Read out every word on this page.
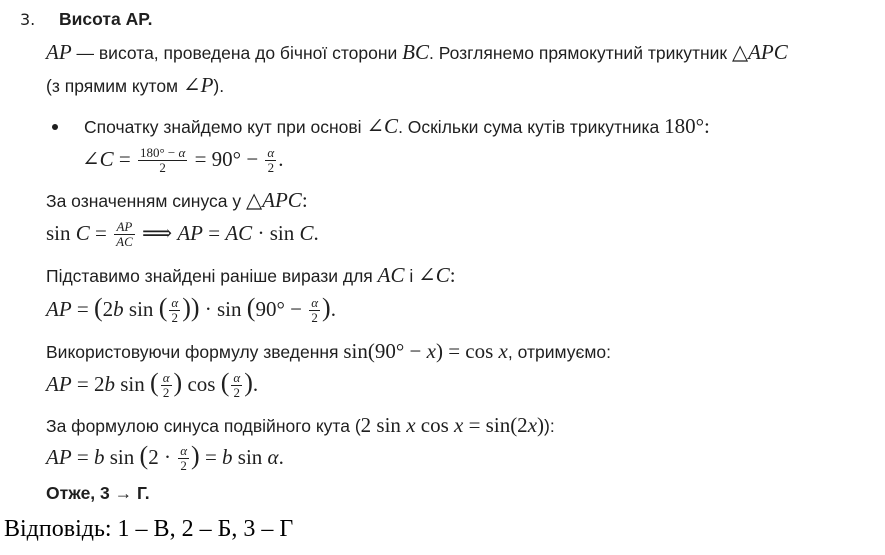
3. Висота AP.
AP — висота, проведена до бічної сторони BC. Розглянемо прямокутний трикутник △APC
(з прямим кутом ∠P).
Спочатку знайдемо кут при основі ∠C. Оскільки сума кутів трикутника 180°:
∠C = $\frac{180^\circ - \alpha}{2} = 90^\circ - \frac{\alpha}{2}$ .
За означенням синуса у △APC:
$\sin C = \frac{AP}{AC}$ ⟹ AP = AC · sin C.
Підставимо знайдені раніше вирази для AC і ∠C:
AP = (2b sin ( $\frac{\alpha}{2}$ )) · $\sin (90^\circ - \frac{\alpha}{2}$ ).
Використовуючи формулу зведення sin(90° − x) = cos x, отримуємо:
AP = 2b sin ( $\frac{\alpha}{2}$ ) cos ( $\frac{\alpha}{2}$ ).
За формулою синуса подвійного кута (2 sin x cos x = sin(2x)):
AP = b $\sin (2 \cdot \frac{\alpha}{2}$ ) = b sin α.
Отже, 3 → Г.
Відповідь: 1 – В, 2 – Б, 3 – Г
